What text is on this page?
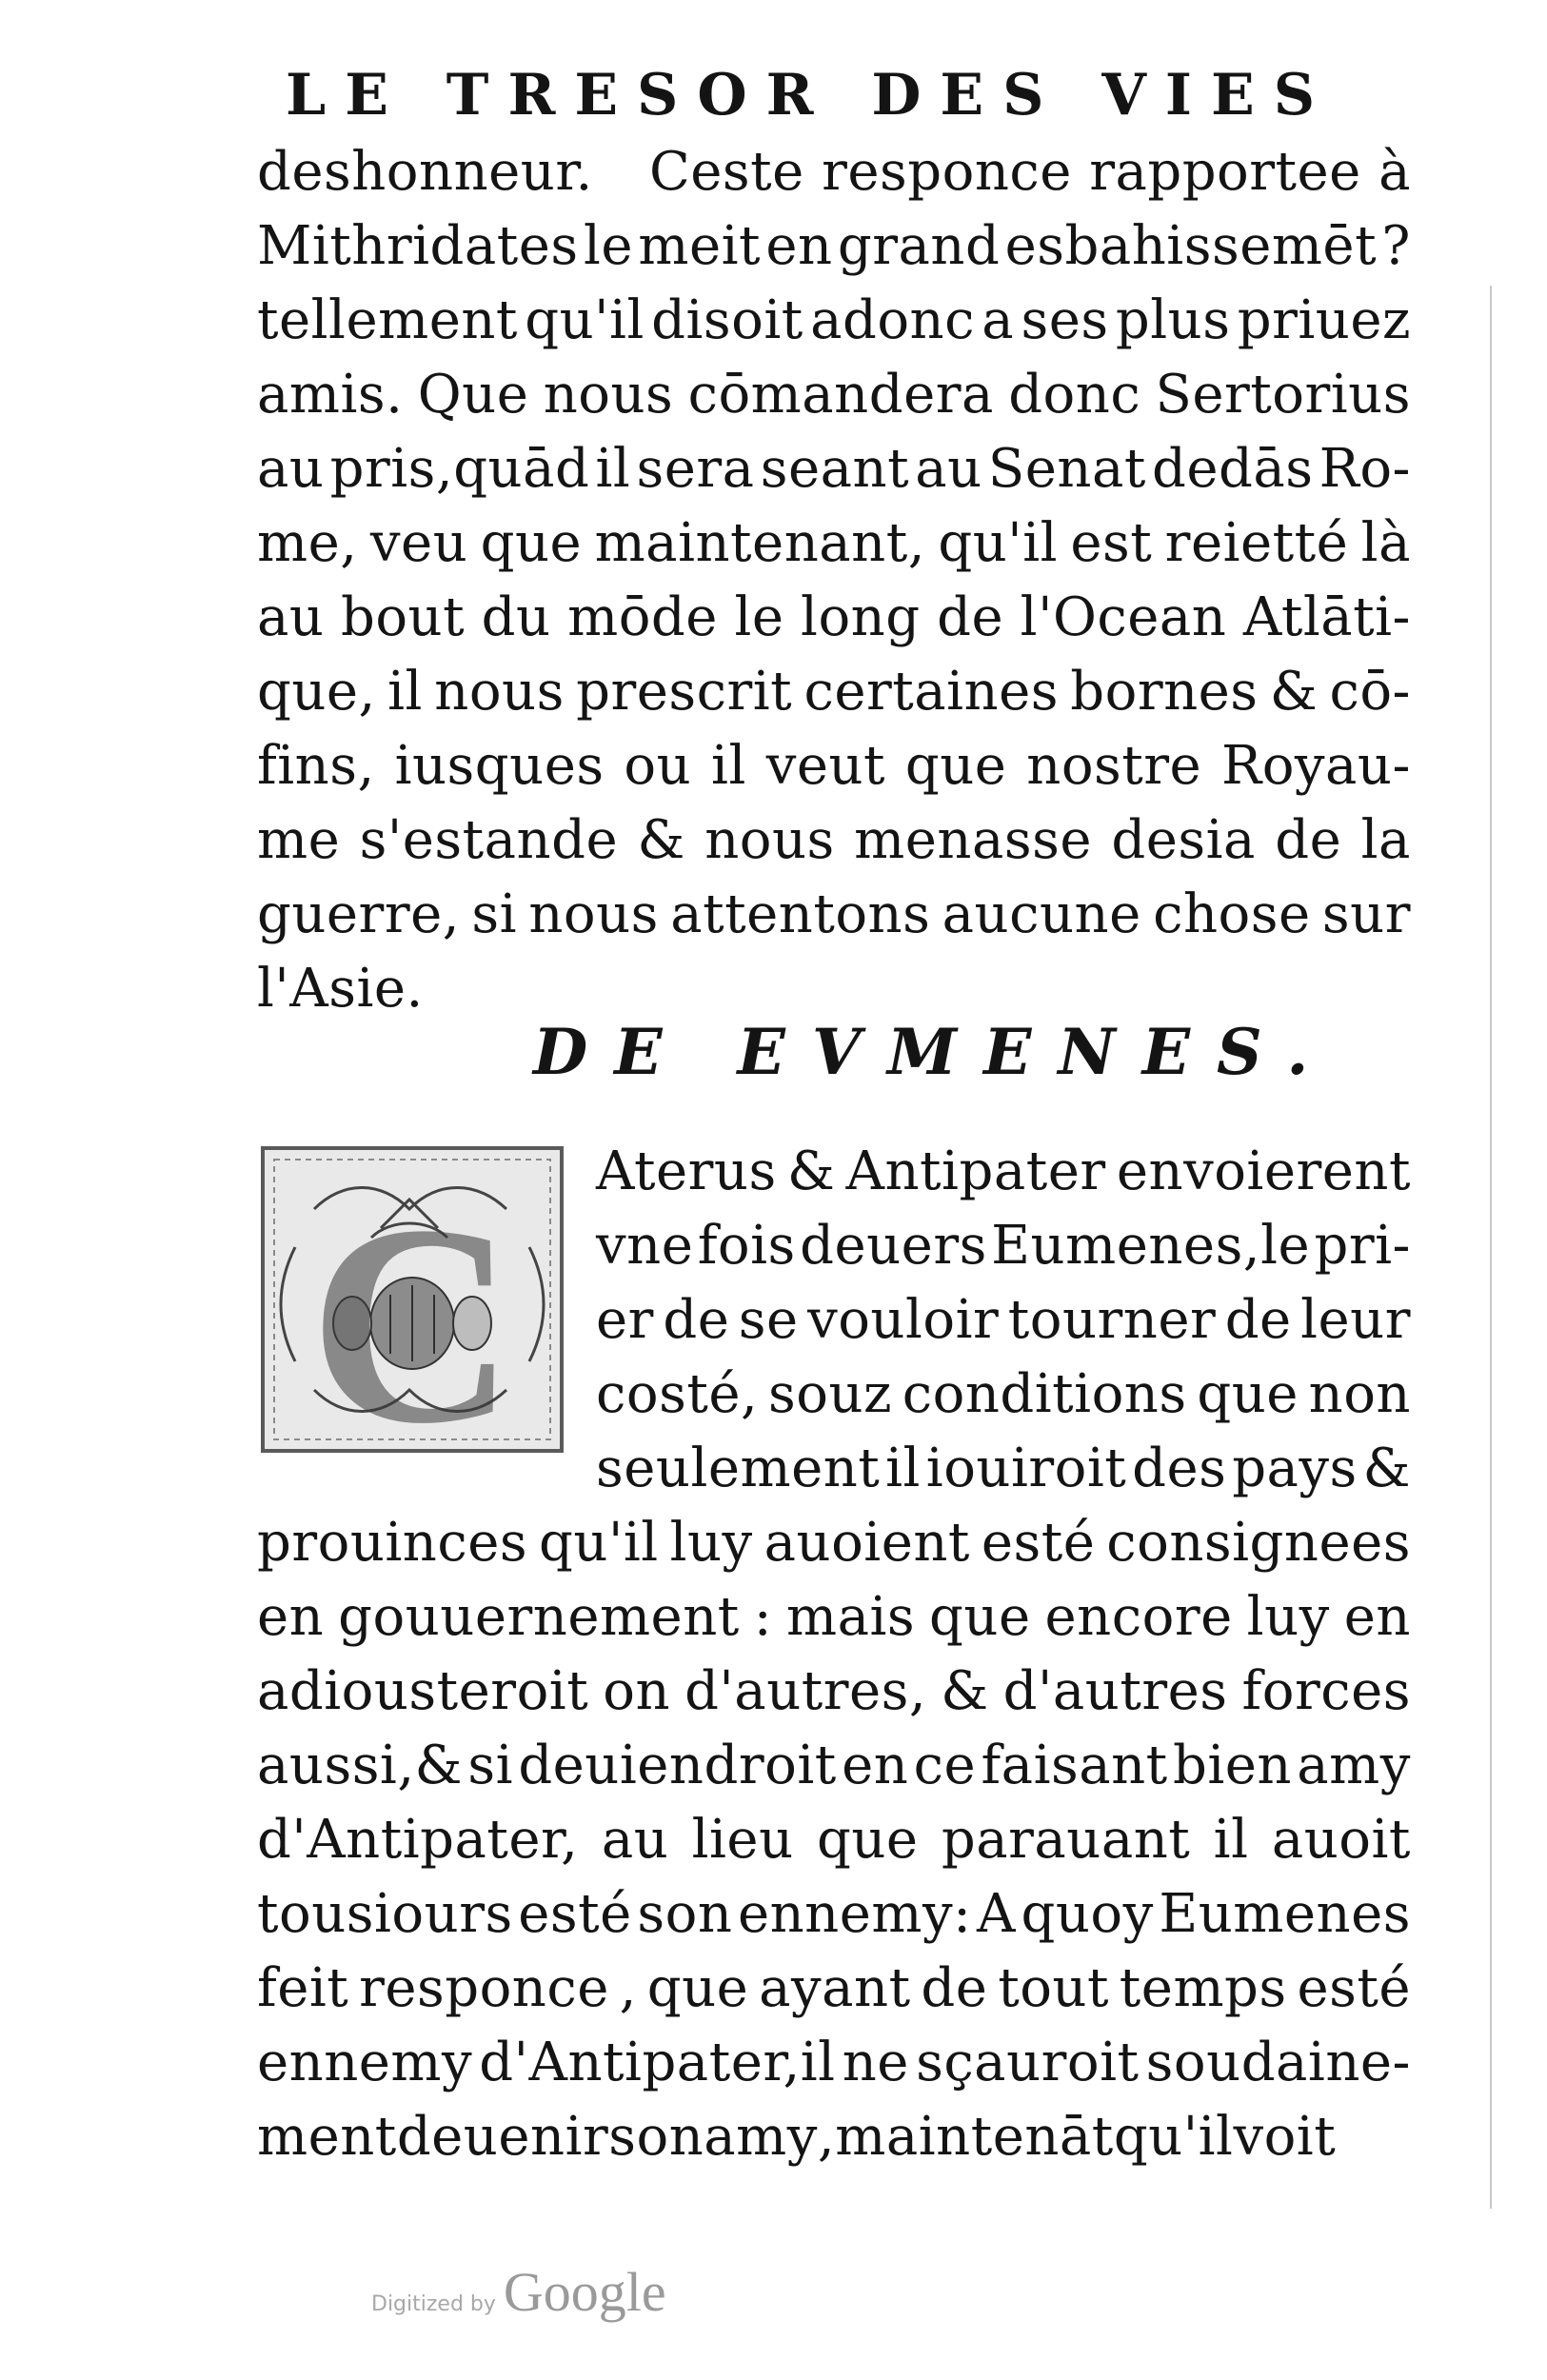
LE TRESOR DES VIES
deshonneur. Ceste responce rapportee à
Mithridates le meit en grand esbahissemēt ?
tellement qu'il disoit adonc a ses plus priuez
amis. Que nous cōmandera donc Sertorius
au pris,quād il sera seant au Senat dedās Ro-
me, veu que maintenant, qu'il est reietté là
au bout du mōde le long de l'Ocean Atlāti-
que, il nous prescrit certaines bornes & cō-
fins, iusques ou il veut que nostre Royau-
me s'estande & nous menasse desia de la
guerre, si nous attentons aucune chose sur
l'Asie.
DE EVMENES.
C Aterus & Antipater envoierent
vne fois deuers Eumenes,le pri-
er de se vouloir tourner de leur
costé, souz conditions que non
seulement il iouiroit des pays &
prouinces qu'il luy auoient esté consignees
en gouuernement : mais que encore luy en
adiousteroit on d'autres, & d'autres forces
aussi,& si deuiendroit en ce faisant bien amy
d'Antipater, au lieu que parauant il auoit
tousiours esté son ennemy: A quoy Eumenes
feit responce , que ayant de tout temps esté
ennemy d'Antipater,il ne sçauroit soudaine-
ment deuenir son amy , maintenāt qu'il voit
Digitized by Google
